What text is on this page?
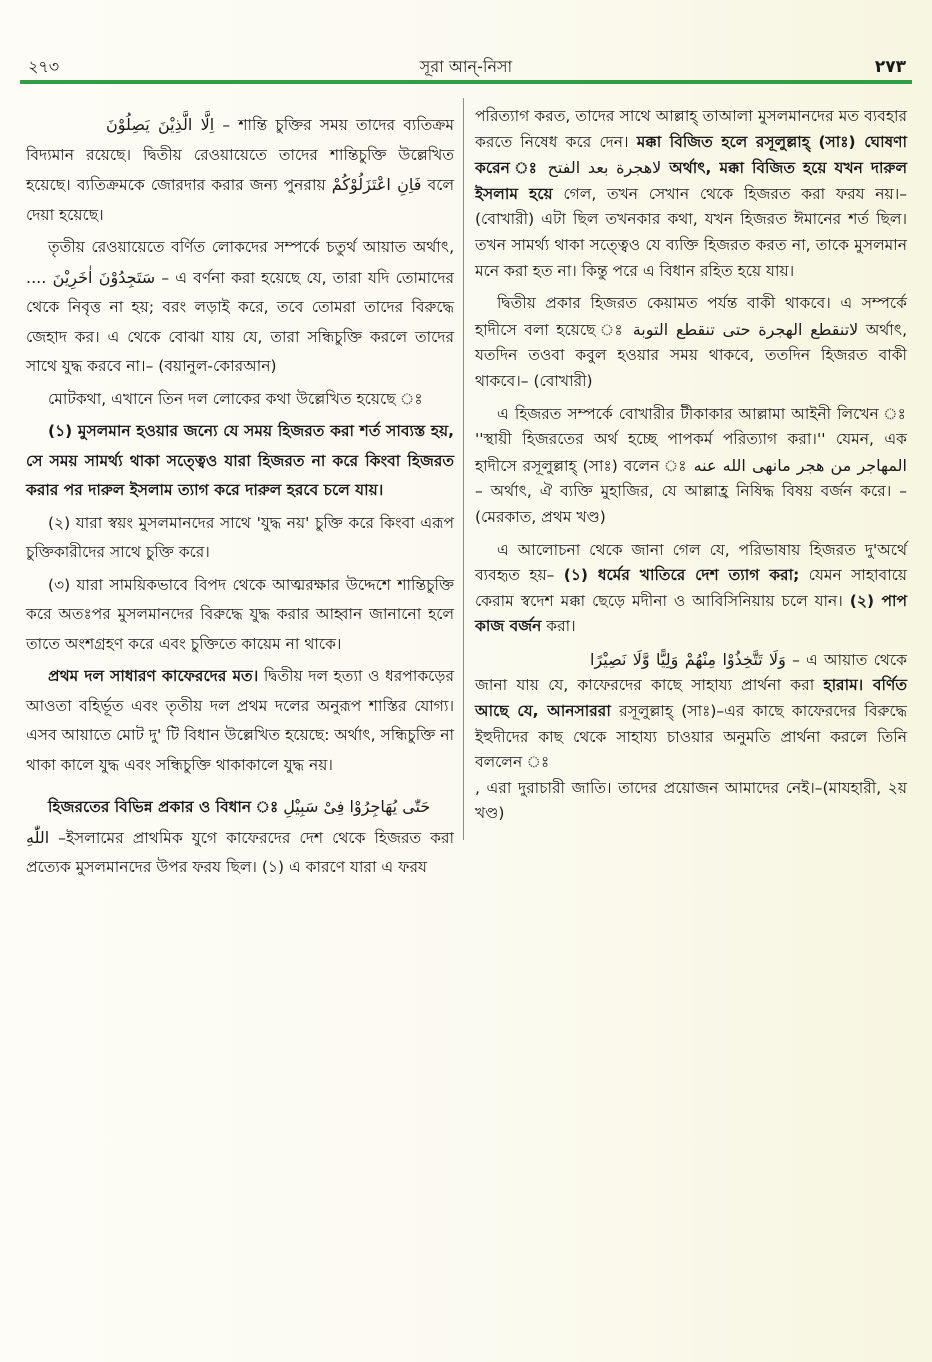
২৭৩	সূরা আন্-নিসা	٢٧٣

اِلَّا الَّذِیْنَ یَصِلُوْنَ – শান্তি চুক্তির সময় তাদের ব্যতিক্রম বিদ্যমান রয়েছে। দ্বিতীয় রেওয়ায়েতে তাদের শান্তিচুক্তি উল্লেখিত হয়েছে। ব্যতিক্রমকে জোরদার করার জন্য পুনরায় فَاِنِ اعْتَزَلُوْكُمْ বলে দেয়া হয়েছে।

তৃতীয় রেওয়ায়েতে বর্ণিত লোকদের সম্পর্কে চতুর্থ আয়াত অর্থাৎ, سَتَجِدُوْنَ اٰخَرِیْنَ .... – এ বর্ণনা করা হয়েছে যে, তারা যদি তোমাদের থেকে নিবৃত্ত না হয়; বরং লড়াই করে, তবে তোমরা তাদের বিরুদ্ধে জেহাদ কর। এ থেকে বোঝা যায় যে, তারা সন্ধিচুক্তি করলে তাদের সাথে যুদ্ধ করবে না।– (বয়ানুল-কোরআন)

মোটকথা, এখানে তিন দল লোকের কথা উল্লেখিত হয়েছে ঃ

(১) মুসলমান হওয়ার জন্যে যে সময় হিজরত করা শর্ত সাব্যস্ত হয়, সে সময় সামর্থ্য থাকা সত্ত্বেও যারা হিজরত না করে কিংবা হিজরত করার পর দারুল ইসলাম ত্যাগ করে দারুল হরবে চলে যায়।

(২) যারা স্বয়ং মুসলমানদের সাথে 'যুদ্ধ নয়' চুক্তি করে কিংবা এরূপ চুক্তিকারীদের সাথে চুক্তি করে।

(৩) যারা সাময়িকভাবে বিপদ থেকে আত্মরক্ষার উদ্দেশে শান্তিচুক্তি করে অতঃপর মুসলমানদের বিরুদ্ধে যুদ্ধ করার আহ্বান জানানো হলে তাতে অংশগ্রহণ করে এবং চুক্তিতে কায়েম না থাকে।

প্রথম দল সাধারণ কাফেরদের মত। দ্বিতীয় দল হত্যা ও ধরপাকড়ের আওতা বহির্ভূত এবং তৃতীয় দল প্রথম দলের অনুরূপ শাস্তির যোগ্য। এসব আয়াতে মোট দু' টি বিধান উল্লেখিত হয়েছে: অর্থাৎ, সন্ধিচুক্তি না থাকা কালে যুদ্ধ এবং সন্ধিচুক্তি থাকাকালে যুদ্ধ নয়।

হিজরতের বিভিন্ন প্রকার ও বিধান ঃ حَتّٰی یُهَاجِرُوْا فِیْ سَبِیْلِ
اللّٰهِ –ইসলামের প্রাথমিক যুগে কাফেরদের দেশ থেকে হিজরত করা প্রত্যেক মুসলমানদের উপর ফরয ছিল। (১) এ কারণে যারা এ ফরয

পরিত্যাগ করত, তাদের সাথে আল্লাহ্ তাআলা মুসলমানদের মত ব্যবহার করতে নিষেধ করে দেন। মক্কা বিজিত হলে রসূলুল্লাহ্ (সাঃ) ঘোষণা করেন ঃ لاهجرة بعد الفتح অর্থাৎ, মক্কা বিজিত হয়ে যখন দারুল ইসলাম হয়ে গেল, তখন সেখান থেকে হিজরত করা ফরয নয়।– (বোখারী) এটা ছিল তখনকার কথা, যখন হিজরত ঈমানের শর্ত ছিল। তখন সামর্থ্য থাকা সত্ত্বেও যে ব্যক্তি হিজরত করত না, তাকে মুসলমান মনে করা হত না। কিন্তু পরে এ বিধান রহিত হয়ে যায়।

দ্বিতীয় প্রকার হিজরত কেয়ামত পর্যন্ত বাকী থাকবে। এ সম্পর্কে হাদীসে বলা হয়েছে ঃ لاتنقطع الهجرة حتى تنقطع التوبة অর্থাৎ, যতদিন তওবা কবুল হওয়ার সময় থাকবে, ততদিন হিজরত বাকী থাকবে।– (বোখারী)

এ হিজরত সম্পর্কে বোখারীর টীকাকার আল্লামা আইনী লিখেন ঃ ''স্থায়ী হিজরতের অর্থ হচ্ছে পাপকর্ম পরিত্যাগ করা।'' যেমন, এক হাদীসে রসূলুল্লাহ্ (সাঃ) বলেন ঃ المهاجر من هجر مانهى الله عنه – অর্থাৎ, ঐ ব্যক্তি মুহাজির, যে আল্লাহ্র নিষিদ্ধ বিষয় বর্জন করে। – (মেরকাত, প্রথম খণ্ড)

এ আলোচনা থেকে জানা গেল যে, পরিভাষায় হিজরত দু'অর্থে ব্যবহৃত হয়– (১) ধর্মের খাতিরে দেশ ত্যাগ করা; যেমন সাহাবায়ে কেরাম স্বদেশ মক্কা ছেড়ে মদীনা ও আবিসিনিয়ায় চলে যান। (২) পাপ কাজ বর্জন করা।

وَلَا تَتَّخِذُوْا مِنْهُمْ وَلِیًّا وَّلَا نَصِیْرًا – এ আয়াত থেকে জানা যায় যে, কাফেরদের কাছে সাহায্য প্রার্থনা করা হারাম। বর্ণিত আছে যে, আনসাররা রসূলুল্লাহ্ (সাঃ)–এর কাছে কাফেরদের বিরুদ্ধে ইহুদীদের কাছ থেকে সাহায্য চাওয়ার অনুমতি প্রার্থনা করলে তিনি বললেন ঃ
, এরা দুরাচারী জাতি। তাদের প্রয়োজন আমাদের নেই।–(মাযহারী, ২য় খণ্ড)
